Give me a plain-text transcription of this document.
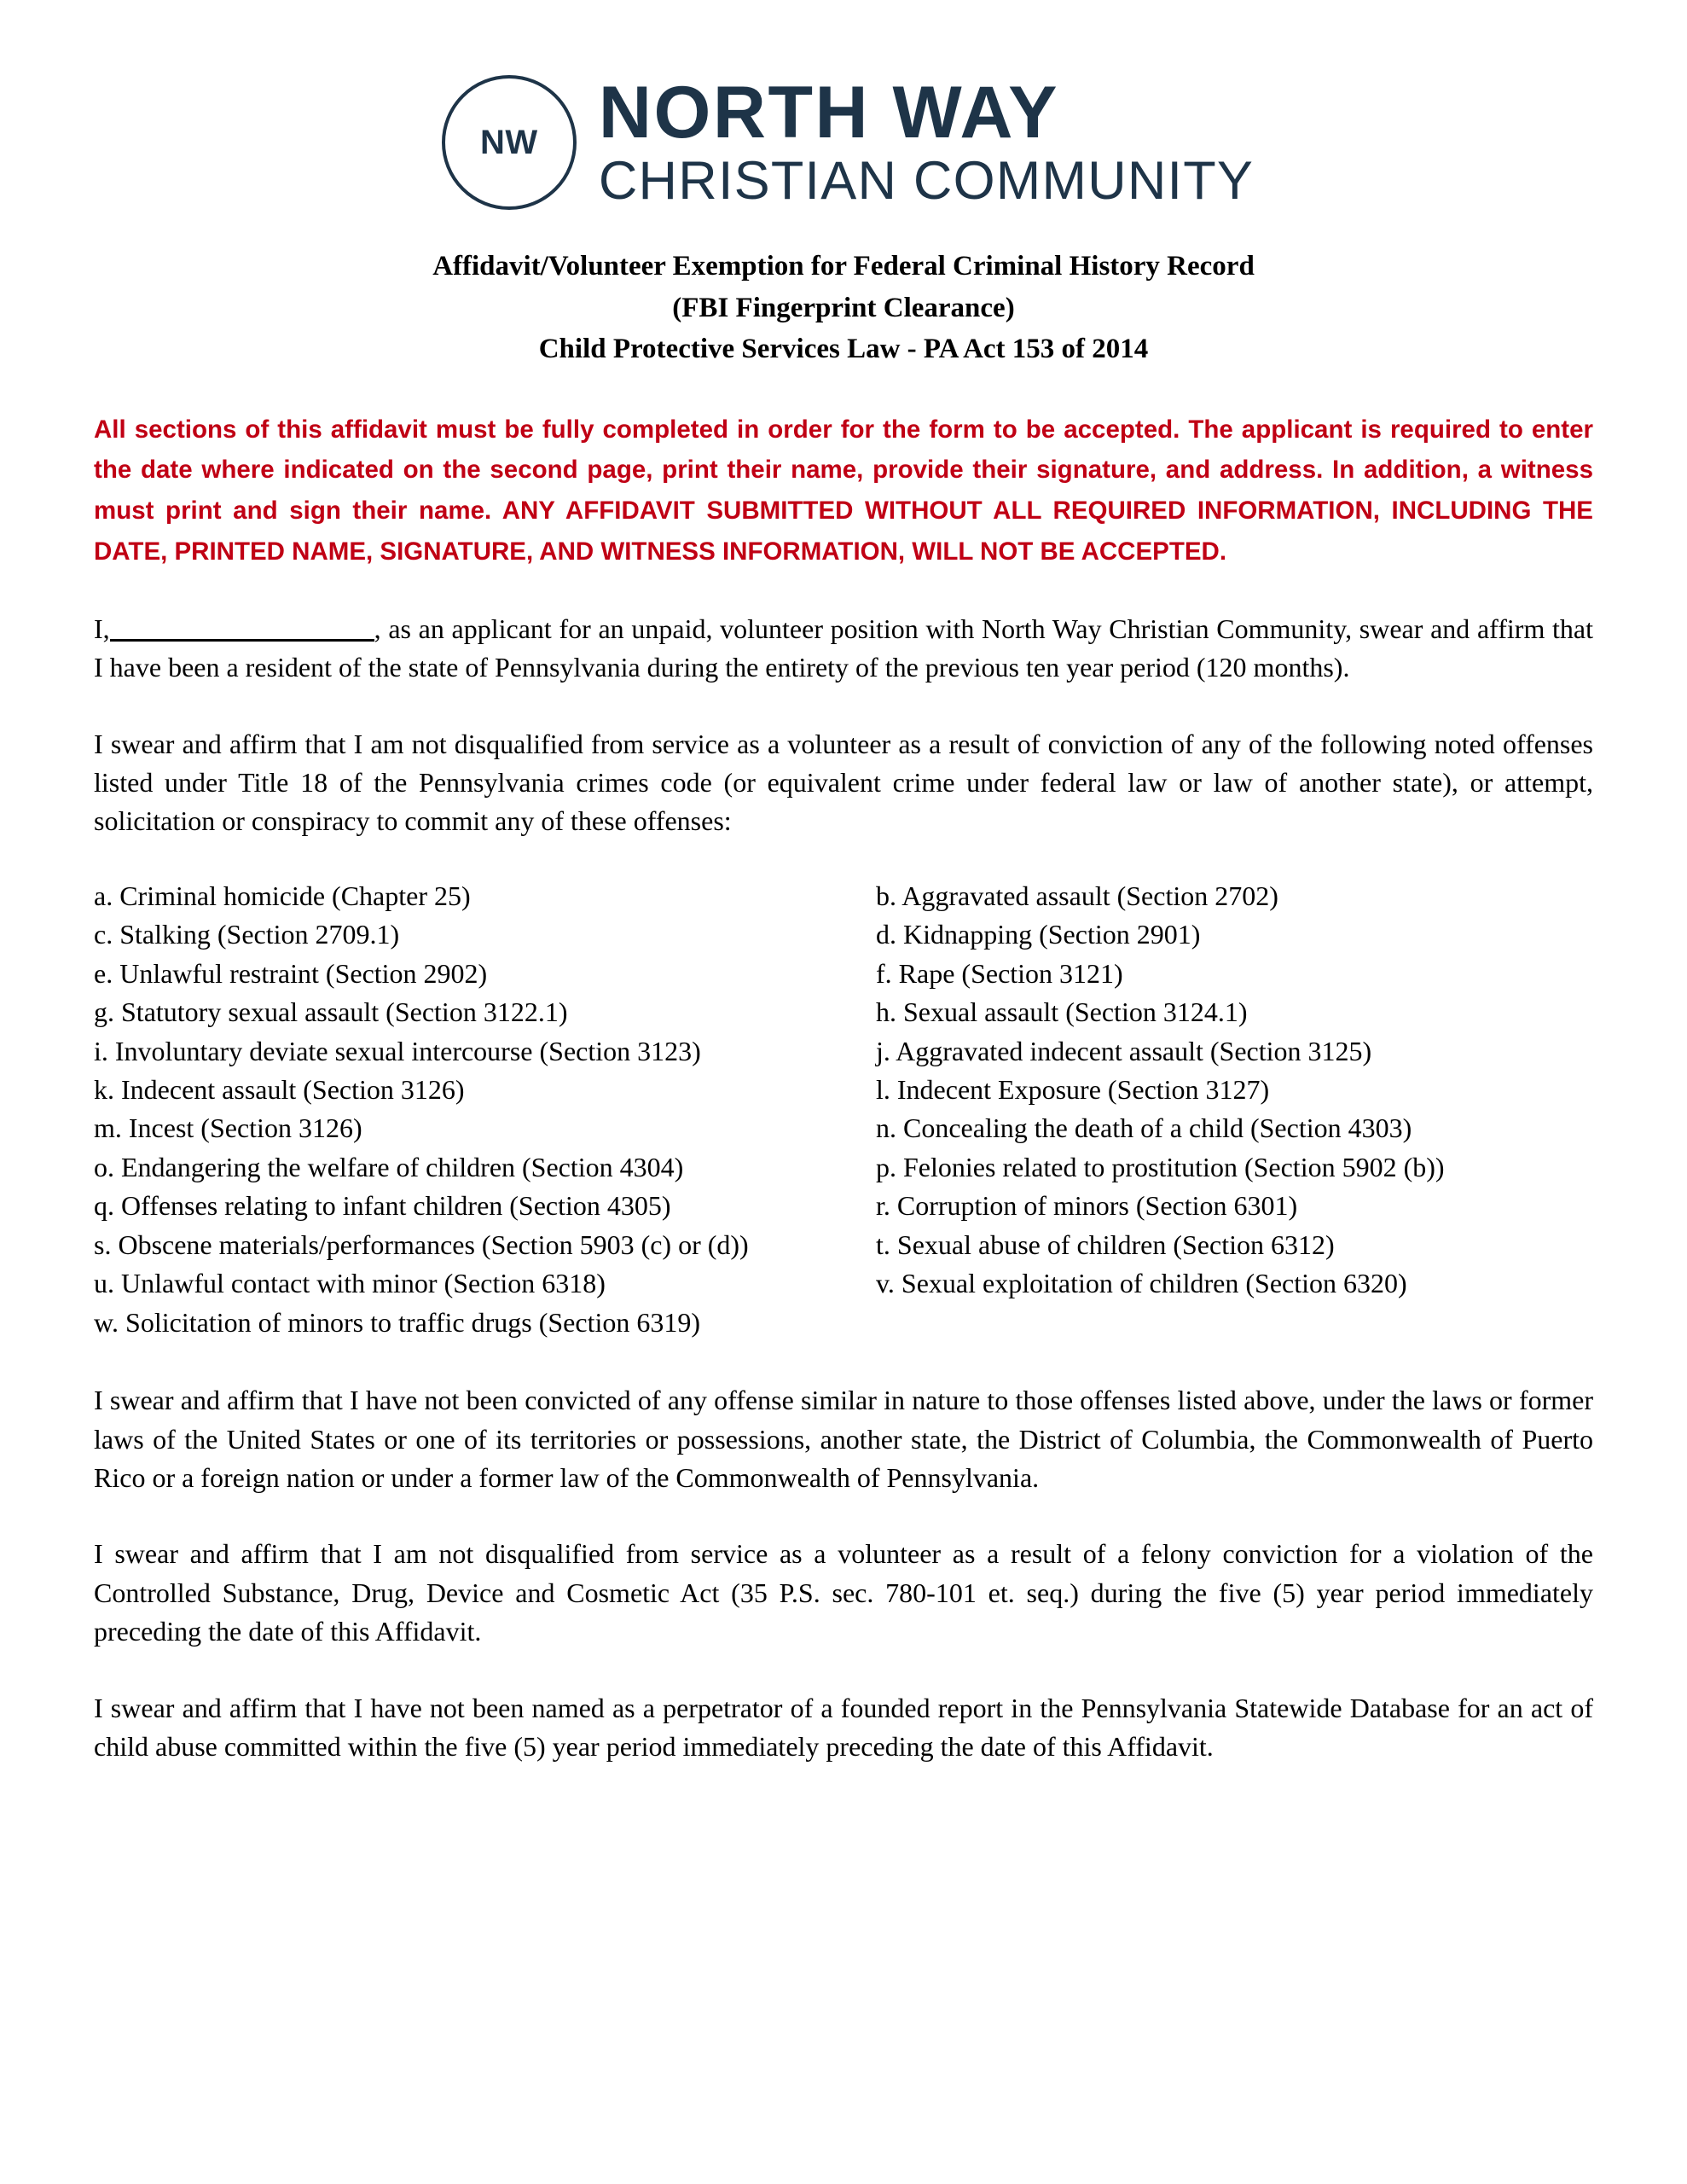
NW NORTH WAY
CHRISTIAN COMMUNITY
Affidavit/Volunteer Exemption for Federal Criminal History Record
(FBI Fingerprint Clearance)
Child Protective Services Law - PA Act 153 of 2014
All sections of this affidavit must be fully completed in order for the form to be accepted. The applicant is required to enter the date where indicated on the second page, print their name, provide their signature, and address. In addition, a witness must print and sign their name. ANY AFFIDAVIT SUBMITTED WITHOUT ALL REQUIRED INFORMATION, INCLUDING THE DATE, PRINTED NAME, SIGNATURE, AND WITNESS INFORMATION, WILL NOT BE ACCEPTED.

I,	, as an applicant for an unpaid, volunteer position with North Way Christian Community, swear and affirm that I have been a resident of the state of Pennsylvania during the entirety of the previous ten year period (120 months).

I swear and affirm that I am not disqualified from service as a volunteer as a result of conviction of any of the following noted offenses listed under Title 18 of the Pennsylvania crimes code (or equivalent crime under federal law or law of another state), or attempt, solicitation or conspiracy to commit any of these offenses:

a. Criminal homicide (Chapter 25)
c. Stalking (Section 2709.1)
e. Unlawful restraint (Section 2902)
g. Statutory sexual assault (Section 3122.1)
i. Involuntary deviate sexual intercourse (Section 3123)
k. Indecent assault (Section 3126)
m. Incest (Section 3126)
o. Endangering the welfare of children (Section 4304)
q. Offenses relating to infant children (Section 4305)
s. Obscene materials/performances (Section 5903 (c) or (d))
u. Unlawful contact with minor (Section 6318)
w. Solicitation of minors to traffic drugs (Section 6319)
b. Aggravated assault (Section 2702)
d. Kidnapping (Section 2901)
f. Rape (Section 3121)
h. Sexual assault (Section 3124.1)
j. Aggravated indecent assault (Section 3125)
l. Indecent Exposure (Section 3127)
n. Concealing the death of a child (Section 4303)
p. Felonies related to prostitution (Section 5902 (b))
r. Corruption of minors (Section 6301)
t. Sexual abuse of children (Section 6312)
v. Sexual exploitation of children (Section 6320)

I swear and affirm that I have not been convicted of any offense similar in nature to those offenses listed above, under the laws or former laws of the United States or one of its territories or possessions, another state, the District of Columbia, the Commonwealth of Puerto Rico or a foreign nation or under a former law of the Commonwealth of Pennsylvania.

I swear and affirm that I am not disqualified from service as a volunteer as a result of a felony conviction for a violation of the Controlled Substance, Drug, Device and Cosmetic Act (35 P.S. sec. 780-101 et. seq.) during the five (5) year period immediately preceding the date of this Affidavit.

I swear and affirm that I have not been named as a perpetrator of a founded report in the Pennsylvania Statewide Database for an act of child abuse committed within the five (5) year period immediately preceding the date of this Affidavit.
